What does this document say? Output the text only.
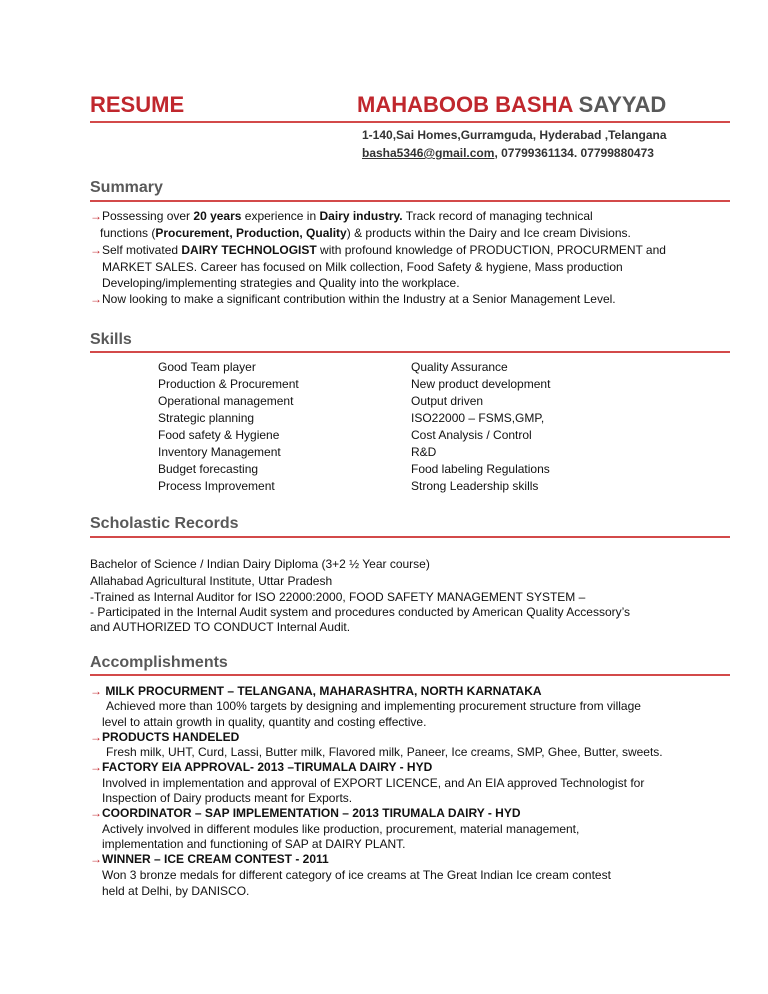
RESUME	MAHABOOB BASHA SAYYAD
1-140,Sai Homes,Gurramguda, Hyderabad ,Telangana
basha5346@gmail.com, 07799361134. 07799880473
Summary
→Possessing over 20 years experience in Dairy industry. Track record of managing technical
functions (Procurement, Production, Quality) & products within the Dairy and Ice cream Divisions.
→Self motivated DAIRY TECHNOLOGIST with profound knowledge of PRODUCTION, PROCURMENT and
MARKET SALES. Career has focused on Milk collection, Food Safety & hygiene, Mass production
Developing/implementing strategies and Quality into the workplace.
→Now looking to make a significant contribution within the Industry at a Senior Management Level.
Skills
Good Team player
Production & Procurement
Operational management
Strategic planning
Food safety & Hygiene
Inventory Management
Budget forecasting
Process Improvement
Quality Assurance
New product development
Output driven
ISO22000 – FSMS,GMP,
Cost Analysis / Control
R&D
Food labeling Regulations
Strong Leadership skills
Scholastic Records
Bachelor of Science / Indian Dairy Diploma (3+2 ½ Year course)
Allahabad Agricultural Institute, Uttar Pradesh
-Trained as Internal Auditor for ISO 22000:2000, FOOD SAFETY MANAGEMENT SYSTEM –
- Participated in the Internal Audit system and procedures conducted by American Quality Accessory’s
and AUTHORIZED TO CONDUCT Internal Audit.
Accomplishments
→ MILK PROCURMENT – TELANGANA, MAHARASHTRA, NORTH KARNATAKA
Achieved more than 100% targets by designing and implementing procurement structure from village
level to attain growth in quality, quantity and costing effective.
→PRODUCTS HANDELED
Fresh milk, UHT, Curd, Lassi, Butter milk, Flavored milk, Paneer, Ice creams, SMP, Ghee, Butter, sweets.
→FACTORY EIA APPROVAL- 2013 –TIRUMALA DAIRY - HYD
Involved in implementation and approval of EXPORT LICENCE, and An EIA approved Technologist for
Inspection of Dairy products meant for Exports.
→COORDINATOR – SAP IMPLEMENTATION – 2013 TIRUMALA DAIRY - HYD
Actively involved in different modules like production, procurement, material management,
implementation and functioning of SAP at DAIRY PLANT.
→WINNER – ICE CREAM CONTEST - 2011
Won 3 bronze medals for different category of ice creams at The Great Indian Ice cream contest
held at Delhi, by DANISCO.
